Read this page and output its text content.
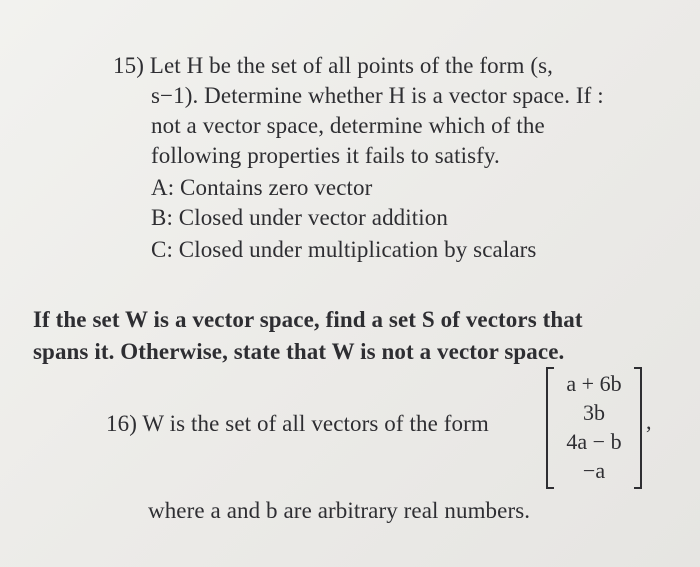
15) Let H be the set of all points of the form (s,
s−1). Determine whether H is a vector space. If :
not a vector space, determine which of the
following properties it fails to satisfy.
A: Contains zero vector
B: Closed under vector addition
C: Closed under multiplication by scalars
If the set W is a vector space, find a set S of vectors that
spans it. Otherwise, state that W is not a vector space.
16) W is the set of all vectors of the form
a + 6b
3b
4a − b
−a
,
where a and b are arbitrary real numbers.
